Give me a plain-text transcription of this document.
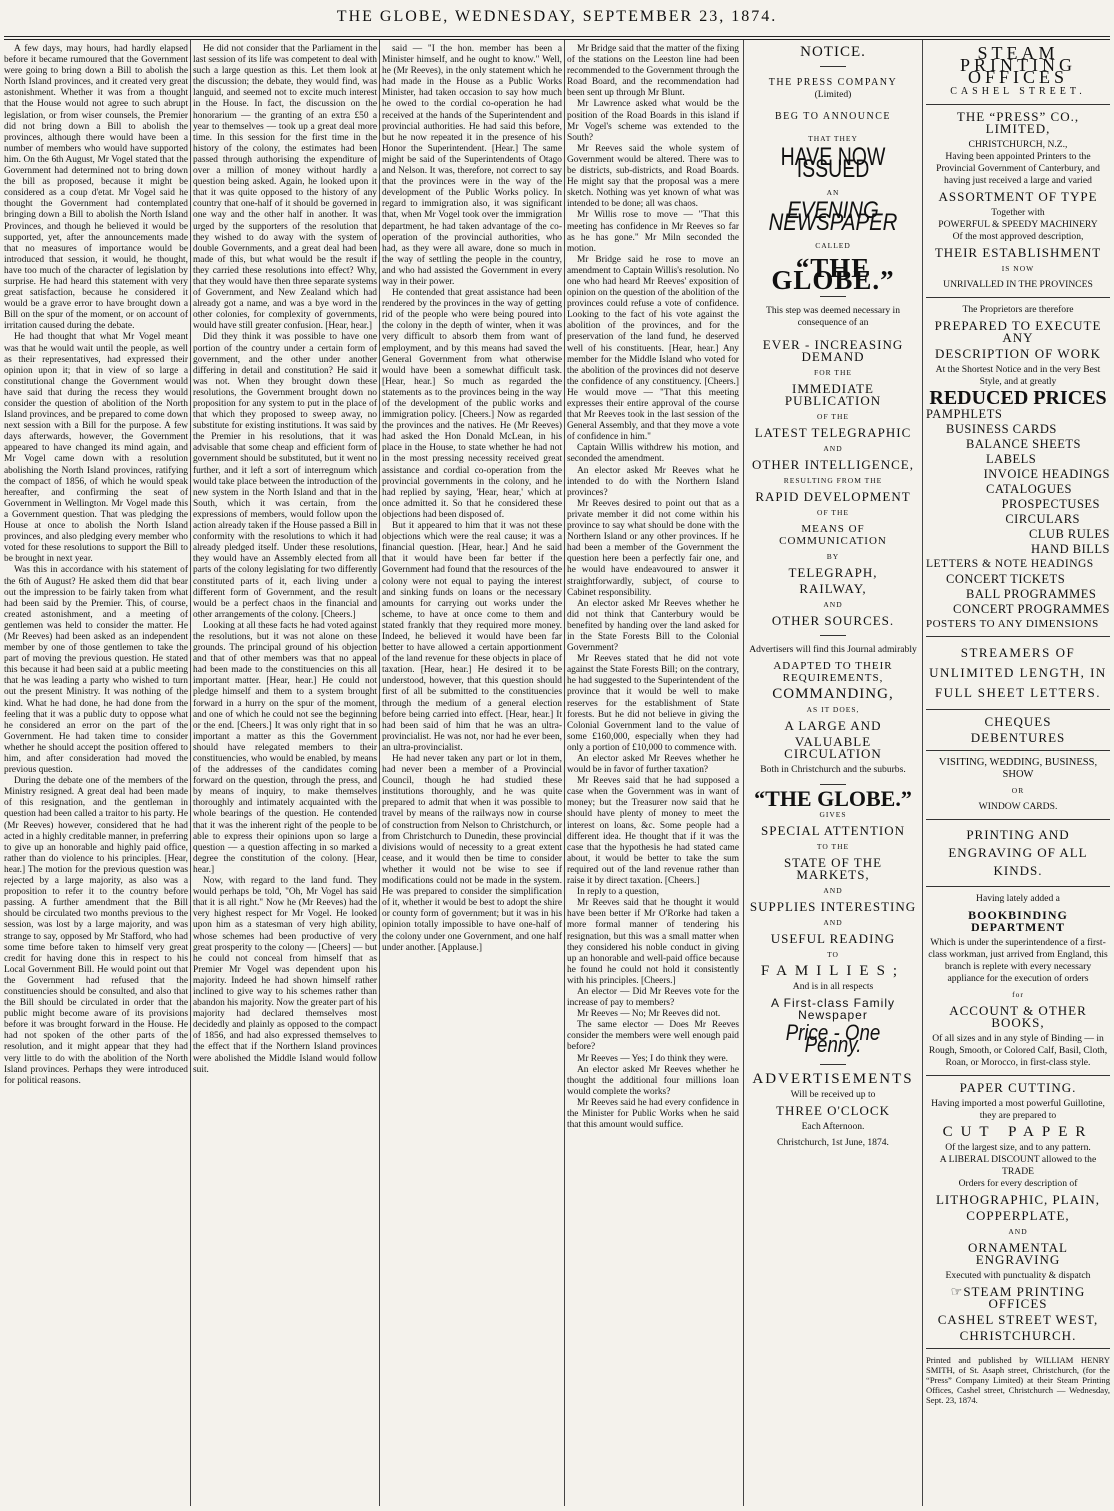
THE GLOBE, WEDNESDAY, SEPTEMBER 23, 1874.

A few days, may hours, had hardly elapsed before it became rumoured that the Government were going to bring down a Bill to abolish the North Island provinces, and it created very great astonishment. Whether it was from a thought that the House would not agree to such abrupt legislation, or from wiser counsels, the Premier did not bring down a Bill to abolish the provinces, although there would have been a number of members who would have supported him. On the 6th August, Mr Vogel stated that the Government had determined not to bring down the bill as proposed, because it might be considered as a coup d'etat. Mr Vogel said he thought the Government had contemplated bringing down a Bill to abolish the North Island Provinces, and though he believed it would be supported, yet, after the announcements made that no measures of importance would be introduced that session, it would, he thought, have too much of the character of legislation by surprise. He had heard this statement with very great satisfaction, because he considered it would be a grave error to have brought down a Bill on the spur of the moment, or on account of irritation caused during the debate.

He had thought that what Mr Vogel meant was that he would wait until the people, as well as their representatives, had expressed their opinion upon it; that in view of so large a constitutional change the Government would have said that during the recess they would consider the question of abolition of the North Island provinces, and be prepared to come down next session with a Bill for the purpose. A few days afterwards, however, the Government appeared to have changed its mind again, and Mr Vogel came down with a resolution abolishing the North Island provinces, ratifying the compact of 1856, of which he would speak hereafter, and confirming the seat of Government in Wellington. Mr Vogel made this a Government question. That was pledging the House at once to abolish the North Island provinces, and also pledging every member who voted for these resolutions to support the Bill to be brought in next year.

Was this in accordance with his statement of the 6th of August? He asked them did that bear out the impression to be fairly taken from what had been said by the Premier. This, of course, created astonishment, and a meeting of gentlemen was held to consider the matter. He (Mr Reeves) had been asked as an independent member by one of those gentlemen to take the part of moving the previous question. He stated this because it had been said at a public meeting that he was leading a party who wished to turn out the present Ministry. It was nothing of the kind. What he had done, he had done from the feeling that it was a public duty to oppose what he considered an error on the part of the Government. He had taken time to consider whether he should accept the position offered to him, and after consideration had moved the previous question.

During the debate one of the members of the Ministry resigned. A great deal had been made of this resignation, and the gentleman in question had been called a traitor to his party. He (Mr Reeves) however, considered that he had acted in a highly creditable manner, in preferring to give up an honorable and highly paid office, rather than do violence to his principles. [Hear, hear.] The motion for the previous question was rejected by a large majority, as also was a proposition to refer it to the country before passing. A further amendment that the Bill should be circulated two months previous to the session, was lost by a large majority, and was strange to say, opposed by Mr Stafford, who had some time before taken to himself very great credit for having done this in respect to his Local Government Bill. He would point out that the Government had refused that the constituencies should be consulted, and also that the Bill should be circulated in order that the public might become aware of its provisions before it was brought forward in the House. He had not spoken of the other parts of the resolution, and it might appear that they had very little to do with the abolition of the North Island provinces. Perhaps they were introduced for political reasons.

He did not consider that the Parliament in the last session of its life was competent to deal with such a large question as this. Let them look at the discussion; the debate, they would find, was languid, and seemed not to excite much interest in the House. In fact, the discussion on the honorarium — the granting of an extra £50 a year to themselves — took up a great deal more time. In this session for the first time in the history of the colony, the estimates had been passed through authorising the expenditure of over a million of money without hardly a question being asked. Again, he looked upon it that it was quite opposed to the history of any country that one-half of it should be governed in one way and the other half in another. It was urged by the supporters of the resolution that they wished to do away with the system of double Governments, and a great deal had been made of this, but what would be the result if they carried these resolutions into effect? Why, that they would have then three separate systems of Government, and New Zealand which had already got a name, and was a bye word in the other colonies, for complexity of governments, would have still greater confusion. [Hear, hear.]

Did they think it was possible to have one portion of the country under a certain form of government, and the other under another differing in detail and constitution? He said it was not. When they brought down these resolutions, the Government brought down no proposition for any system to put in the place of that which they proposed to sweep away, no substitute for existing institutions. It was said by the Premier in his resolutions, that it was advisable that some cheap and efficient form of government should be substituted, but it went no further, and it left a sort of interregnum which would take place between the introduction of the new system in the North Island and that in the South, which it was certain, from the expressions of members, would follow upon the action already taken if the House passed a Bill in conformity with the resolutions to which it had already pledged itself. Under these resolutions, they would have an Assembly elected from all parts of the colony legislating for two differently constituted parts of it, each living under a different form of Government, and the result would be a perfect chaos in the financial and other arrangements of the colony. [Cheers.]

Looking at all these facts he had voted against the resolutions, but it was not alone on these grounds. The principal ground of his objection and that of other members was that no appeal had been made to the constituencies on this all important matter. [Hear, hear.] He could not pledge himself and them to a system brought forward in a hurry on the spur of the moment, and one of which he could not see the beginning or the end. [Cheers.] It was only right that in so important a matter as this the Government should have relegated members to their constituencies, who would be enabled, by means of the addresses of the candidates coming forward on the question, through the press, and by means of inquiry, to make themselves thoroughly and intimately acquainted with the whole bearings of the question. He contended that it was the inherent right of the people to be able to express their opinions upon so large a question — a question affecting in so marked a degree the constitution of the colony. [Hear, hear.]

Now, with regard to the land fund. They would perhaps be told, "Oh, Mr Vogel has said that it is all right." Now he (Mr Reeves) had the very highest respect for Mr Vogel. He looked upon him as a statesman of very high ability, whose schemes had been productive of very great prosperity to the colony — [Cheers] — but he could not conceal from himself that as Premier Mr Vogel was dependent upon his majority. Indeed he had shown himself rather inclined to give way to his schemes rather than abandon his majority. Now the greater part of his majority had declared themselves most decidedly and plainly as opposed to the compact of 1856, and had also expressed themselves to the effect that if the Northern Island provinces were abolished the Middle Island would follow suit.

said — "I the hon. member has been a Minister himself, and he ought to know." Well, he (Mr Reeves), in the only statement which he had made in the House as a Public Works Minister, had taken occasion to say how much he owed to the cordial co-operation he had received at the hands of the Superintendent and provincial authorities. He had said this before, but he now repeated it in the presence of his Honor the Superintendent. [Hear.] The same might be said of the Superintendents of Otago and Nelson. It was, therefore, not correct to say that the provinces were in the way of the development of the Public Works policy. In regard to immigration also, it was significant that, when Mr Vogel took over the immigration department, he had taken advantage of the co-operation of the provincial authorities, who had, as they were all aware, done so much in the way of settling the people in the country, and who had assisted the Government in every way in their power.

He contended that great assistance had been rendered by the provinces in the way of getting rid of the people who were being poured into the colony in the depth of winter, when it was very difficult to absorb them from want of employment, and by this means had saved the General Government from what otherwise would have been a somewhat difficult task. [Hear, hear.] So much as regarded the statements as to the provinces being in the way of the development of the public works and immigration policy. [Cheers.] Now as regarded the provinces and the natives. He (Mr Reeves) had asked the Hon Donald McLean, in his place in the House, to state whether he had not in the most pressing necessity received great assistance and cordial co-operation from the provincial governments in the colony, and he had replied by saying, 'Hear, hear,' which at once admitted it. So that he considered these objections had been disposed of.

But it appeared to him that it was not these objections which were the real cause; it was a financial question. [Hear, hear.] And he said that it would have been far better if the Government had found that the resources of the colony were not equal to paying the interest and sinking funds on loans or the necessary amounts for carrying out works under the scheme, to have at once come to them and stated frankly that they required more money. Indeed, he believed it would have been far better to have allowed a certain apportionment of the land revenue for these objects in place of taxation. [Hear, hear.] He desired it to be understood, however, that this question should first of all be submitted to the constituencies through the medium of a general election before being carried into effect. [Hear, hear.] It had been said of him that he was an ultra-provincialist. He was not, nor had he ever been, an ultra-provincialist.

He had never taken any part or lot in them, had never been a member of a Provincial Council, though he had studied these institutions thoroughly, and he was quite prepared to admit that when it was possible to travel by means of the railways now in course of construction from Nelson to Christchurch, or from Christchurch to Dunedin, these provincial divisions would of necessity to a great extent cease, and it would then be time to consider whether it would not be wise to see if modifications could not be made in the system. He was prepared to consider the simplification of it, whether it would be best to adopt the shire or county form of government; but it was in his opinion totally impossible to have one-half of the colony under one Government, and one half under another. [Applause.]

Mr Bridge said that the matter of the fixing of the stations on the Leeston line had been recommended to the Government through the Road Board, and the recommendation had been sent up through Mr Blunt.

Mr Lawrence asked what would be the position of the Road Boards in this island if Mr Vogel's scheme was extended to the South?

Mr Reeves said the whole system of Government would be altered. There was to be districts, sub-districts, and Road Boards. He might say that the proposal was a mere sketch. Nothing was yet known of what was intended to be done; all was chaos.

Mr Willis rose to move — "That this meeting has confidence in Mr Reeves so far as he has gone." Mr Miln seconded the motion.

Mr Bridge said he rose to move an amendment to Captain Willis's resolution. No one who had heard Mr Reeves' exposition of opinion on the question of the abolition of the provinces could refuse a vote of confidence. Looking to the fact of his vote against the abolition of the provinces, and for the preservation of the land fund, he deserved well of his constituents. [Hear, hear.] Any member for the Middle Island who voted for the abolition of the provinces did not deserve the confidence of any constituency. [Cheers.] He would move — "That this meeting expresses their entire approval of the course that Mr Reeves took in the last session of the General Assembly, and that they move a vote of confidence in him."

Captain Willis withdrew his motion, and seconded the amendment.

An elector asked Mr Reeves what he intended to do with the Northern Island provinces?

Mr Reeves desired to point out that as a private member it did not come within his province to say what should be done with the Northern Island or any other provinces. If he had been a member of the Government the question here been a perfectly fair one, and he would have endeavoured to answer it straightforwardly, subject, of course to Cabinet responsibility.

An elector asked Mr Reeves whether he did not think that Canterbury would be benefited by handing over the land asked for in the State Forests Bill to the Colonial Government?

Mr Reeves stated that he did not vote against the State Forests Bill; on the contrary, he had suggested to the Superintendent of the province that it would be well to make reserves for the establishment of State forests. But he did not believe in giving the Colonial Government land to the value of some £160,000, especially when they had only a portion of £10,000 to commence with.

An elector asked Mr Reeves whether he would be in favor of further taxation?

Mr Reeves said that he had supposed a case when the Government was in want of money; but the Treasurer now said that he should have plenty of money to meet the interest on loans, &c. Some people had a different idea. He thought that if it was the case that the hypothesis he had stated came about, it would be better to take the sum required out of the land revenue rather than raise it by direct taxation. [Cheers.]

In reply to a question,

Mr Reeves said that he thought it would have been better if Mr O'Rorke had taken a more formal manner of tendering his resignation, but this was a small matter when they considered his noble conduct in giving up an honorable and well-paid office because he found he could not hold it consistently with his principles. [Cheers.]

An elector — Did Mr Reeves vote for the increase of pay to members?

Mr Reeves — No; Mr Reeves did not.

The same elector — Does Mr Reeves consider the members were well enough paid before?

Mr Reeves — Yes; I do think they were.

An elector asked Mr Reeves whether he thought the additional four millions loan would complete the works?

Mr Reeves said he had every confidence in the Minister for Public Works when he said that this amount would suffice.

NOTICE.
THE PRESS COMPANY
(Limited)
BEG TO ANNOUNCE
THAT THEY
HAVE NOW ISSUED
AN
EVENING NEWSPAPER
CALLED
“THE GLOBE.”
This step was deemed necessary in consequence of an
EVER - INCREASING DEMAND
FOR THE
IMMEDIATE PUBLICATION
OF THE
LATEST TELEGRAPHIC
AND
OTHER INTELLIGENCE,
RESULTING FROM THE
RAPID DEVELOPMENT
OF THE
MEANS OF COMMUNICATION
BY
TELEGRAPH,
RAILWAY,
AND
OTHER SOURCES.
Advertisers will find this Journal admirably
ADAPTED TO THEIR REQUIREMENTS,
COMMANDING,
AS IT DOES,
A LARGE AND
VALUABLE CIRCULATION
Both in Christchurch and the suburbs.
“THE GLOBE.”
GIVES
SPECIAL ATTENTION
TO THE
STATE OF THE MARKETS,
AND
SUPPLIES INTERESTING
AND
USEFUL READING
TO
FAMILIES;
And is in all respects
A First-class Family Newspaper
Price - One Penny.
ADVERTISEMENTS
Will be received up to
THREE O'CLOCK
Each Afternoon.
Christchurch, 1st June, 1874.
STEAM PRINTING OFFICES
CASHEL STREET.
THE “PRESS” CO., LIMITED,
CHRISTCHURCH, N.Z.,
Having been appointed Printers to the Provincial Government of Canterbury, and having just received a large and varied
ASSORTMENT OF TYPE
Together with
POWERFUL & SPEEDY MACHINERY
Of the most approved description,
THEIR ESTABLISHMENT
IS NOW
UNRIVALLED IN THE PROVINCES
The Proprietors are therefore
PREPARED TO EXECUTE ANY
DESCRIPTION OF WORK
At the Shortest Notice and in the very Best Style, and at greatly
REDUCED PRICES
PAMPHLETS
BUSINESS CARDS
BALANCE SHEETS
LABELS
INVOICE HEADINGS
CATALOGUES
PROSPECTUSES
CIRCULARS
CLUB RULES
HAND BILLS
LETTERS & NOTE HEADINGS
CONCERT TICKETS
BALL PROGRAMMES
CONCERT PROGRAMMES
POSTERS TO ANY DIMENSIONS
STREAMERS OF UNLIMITED LENGTH, IN FULL SHEET LETTERS.
CHEQUES
DEBENTURES
VISITING, WEDDING, BUSINESS, SHOW
OR
WINDOW CARDS.
PRINTING AND ENGRAVING OF ALL KINDS.
Having lately added a
BOOKBINDING DEPARTMENT
Which is under the superintendence of a first-class workman, just arrived from England, this branch is replete with every necessary appliance for the execution of orders
for
ACCOUNT & OTHER BOOKS,
Of all sizes and in any style of Binding — in Rough, Smooth, or Colored Calf, Basil, Cloth, Roan, or Morocco, in first-class style.
PAPER CUTTING.
Having imported a most powerful Guillotine, they are prepared to
CUT PAPER
Of the largest size, and to any pattern.
A LIBERAL DISCOUNT allowed to the TRADE
Orders for every description of
LITHOGRAPHIC, PLAIN,
COPPERPLATE,
AND
ORNAMENTAL ENGRAVING
Executed with punctuality & dispatch
☞STEAM PRINTING OFFICES
CASHEL STREET WEST,
CHRISTCHURCH.
Printed and published by WILLIAM HENRY SMITH, of St. Asaph street, Christchurch, (for the “Press” Company Limited) at their Steam Printing Offices, Cashel street, Christchurch — Wednesday, Sept. 23, 1874.
